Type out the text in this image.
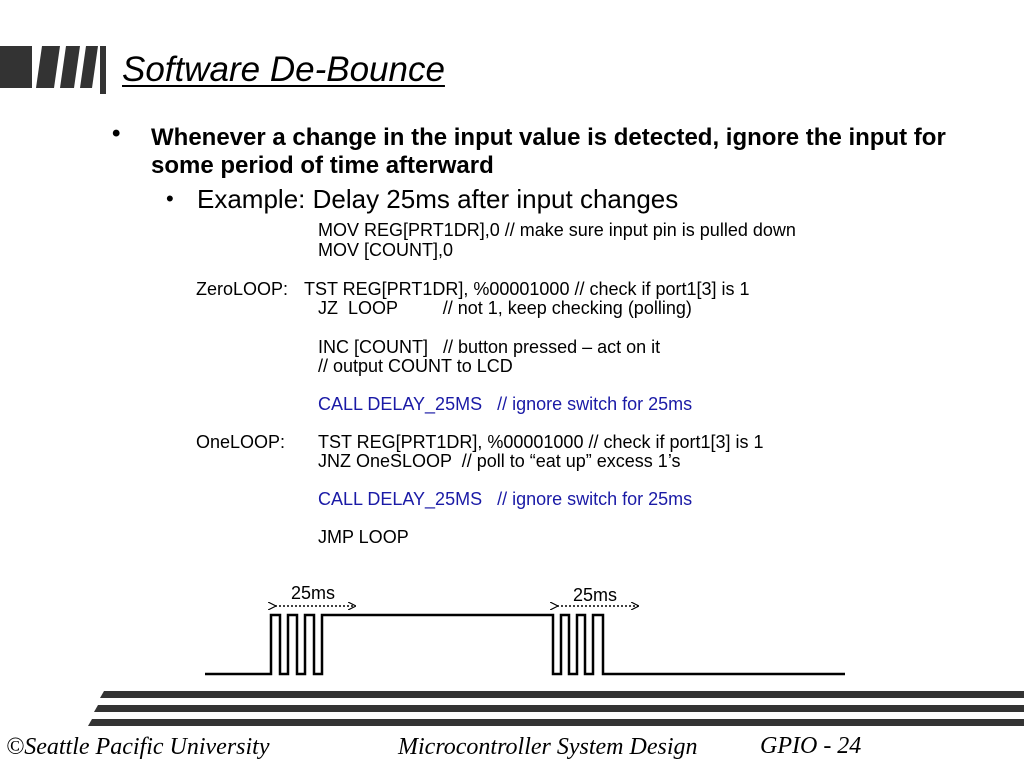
Software De-Bounce
• Whenever a change in the input value is detected, ignore the input for some period of time afterward
• Example: Delay 25ms after input changes
MOV REG[PRT1DR],0 // make sure input pin is pulled down
MOV [COUNT],0
ZeroLOOP: TST REG[PRT1DR], %00001000 // check if port1[3] is 1
JZ  LOOP         // not 1, keep checking (polling)
INC [COUNT]   // button pressed – act on it
// output COUNT to LCD
CALL DELAY_25MS   // ignore switch for 25ms
OneLOOP: TST REG[PRT1DR], %00001000 // check if port1[3] is 1
JNZ OneSLOOP  // poll to “eat up” excess 1’s
CALL DELAY_25MS   // ignore switch for 25ms
JMP LOOP
25ms	25ms
©Seattle Pacific University	Microcontroller System Design	GPIO - 24
